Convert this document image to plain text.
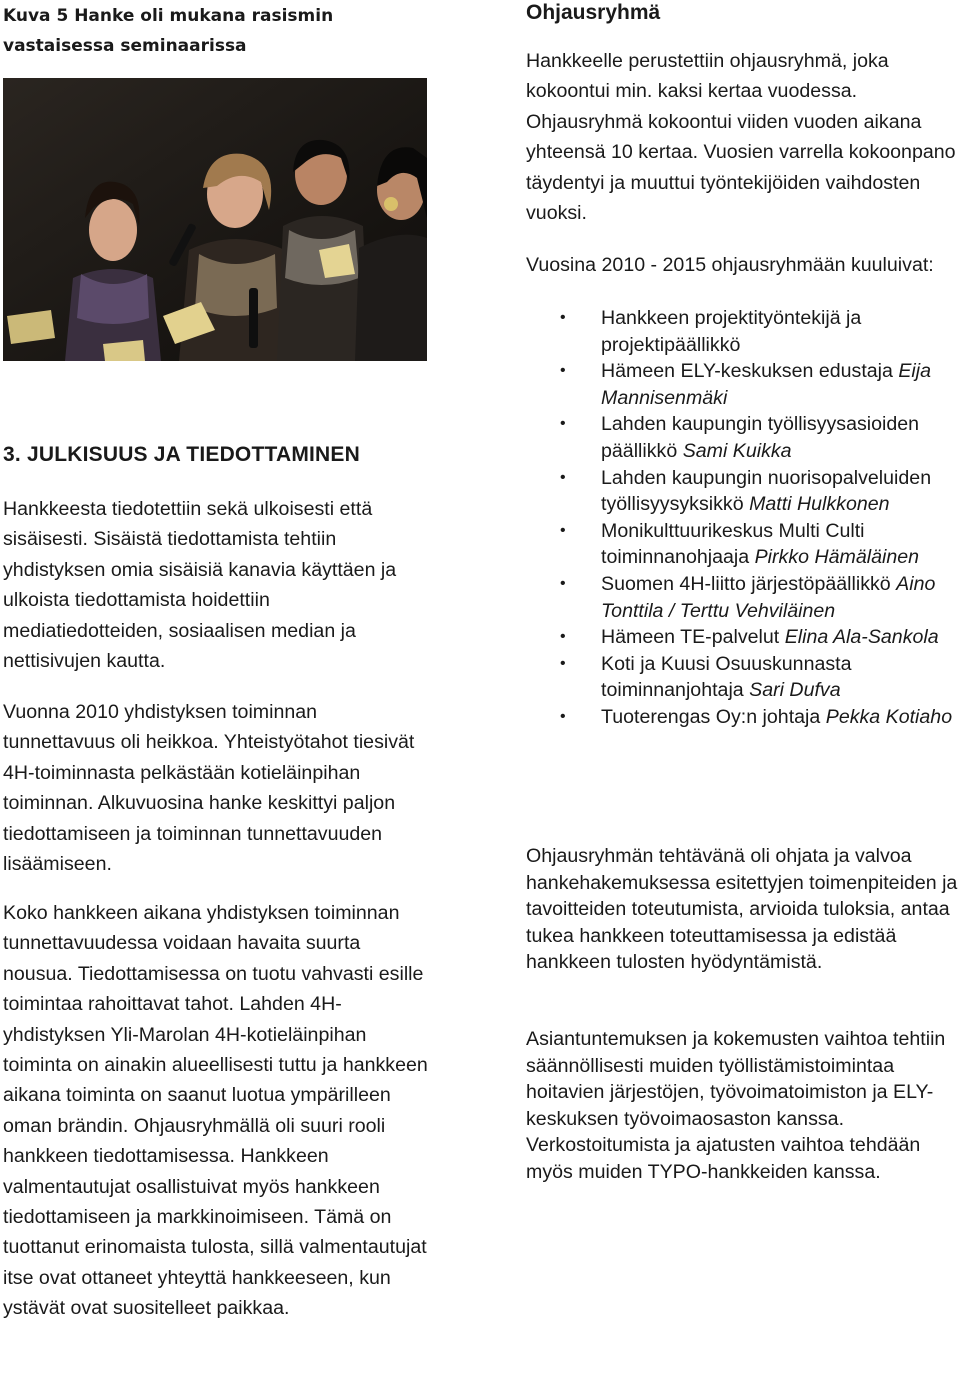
Kuva 5 Hanke oli mukana rasismin vastaisessa seminaarissa
3. JULKISUUS JA TIEDOTTAMINEN

Hankkeesta tiedotettiin sekä ulkoisesti että sisäisesti. Sisäistä tiedottamista tehtiin yhdistyksen omia sisäisiä kanavia käyttäen ja ulkoista tiedottamista hoidettiin mediatiedotteiden, sosiaalisen median ja nettisivujen kautta.

Vuonna 2010 yhdistyksen toiminnan tunnettavuus oli heikkoa. Yhteistyötahot tiesivät 4H-toiminnasta pelkästään kotieläinpihan toiminnan. Alkuvuosina hanke keskittyi paljon tiedottamiseen ja toiminnan tunnettavuuden lisäämiseen.

Koko hankkeen aikana yhdistyksen toiminnan tunnettavuudessa voidaan havaita suurta nousua. Tiedottamisessa on tuotu vahvasti esille toimintaa rahoittavat tahot. Lahden 4H-yhdistyksen Yli-Marolan 4H-kotieläinpihan toiminta on ainakin alueellisesti tuttu ja hankkeen aikana toiminta on saanut luotua ympärilleen oman brändin. Ohjausryhmällä oli suuri rooli hankkeen tiedottamisessa. Hankkeen valmentautujat osallistuivat myös hankkeen tiedottamiseen ja markkinoimiseen. Tämä on tuottanut erinomaista tulosta, sillä valmentautujat itse ovat ottaneet yhteyttä hankkeeseen, kun ystävät ovat suositelleet paikkaa.

Ohjausryhmä

Hankkeelle perustettiin ohjausryhmä, joka kokoontui min. kaksi kertaa vuodessa. Ohjausryhmä kokoontui viiden vuoden aikana yhteensä 10 kertaa. Vuosien varrella kokoonpano täydentyi ja muuttui työntekijöiden vaihdosten vuoksi.

Vuosina 2010 - 2015 ohjausryhmään kuuluivat:

• Hankkeen projektityöntekijä ja projektipäällikkö
• Hämeen ELY-keskuksen edustaja Eija Mannisenmäki
• Lahden kaupungin työllisyysasioiden päällikkö Sami Kuikka
• Lahden kaupungin nuorisopalveluiden työllisyysyksikkö Matti Hulkkonen
• Monikulttuurikeskus Multi Culti toiminnanohjaaja Pirkko Hämäläinen
• Suomen 4H-liitto järjestöpäällikkö Aino Tonttila / Terttu Vehviläinen
• Hämeen TE-palvelut Elina Ala-Sankola
• Koti ja Kuusi Osuuskunnasta toiminnanjohtaja Sari Dufva
• Tuoterengas Oy:n johtaja Pekka Kotiaho

Ohjausryhmän tehtävänä oli ohjata ja valvoa hankehakemuksessa esitettyjen toimenpiteiden ja tavoitteiden toteutumista, arvioida tuloksia, antaa tukea hankkeen toteuttamisessa ja edistää hankkeen tulosten hyödyntämistä.

Asiantuntemuksen ja kokemusten vaihtoa tehtiin säännöllisesti muiden työllistämistoimintaa hoitavien järjestöjen, työvoimatoimiston ja ELY-keskuksen työvoimaosaston kanssa. Verkostoitumista ja ajatusten vaihtoa tehdään myös muiden TYPO-hankkeiden kanssa.
